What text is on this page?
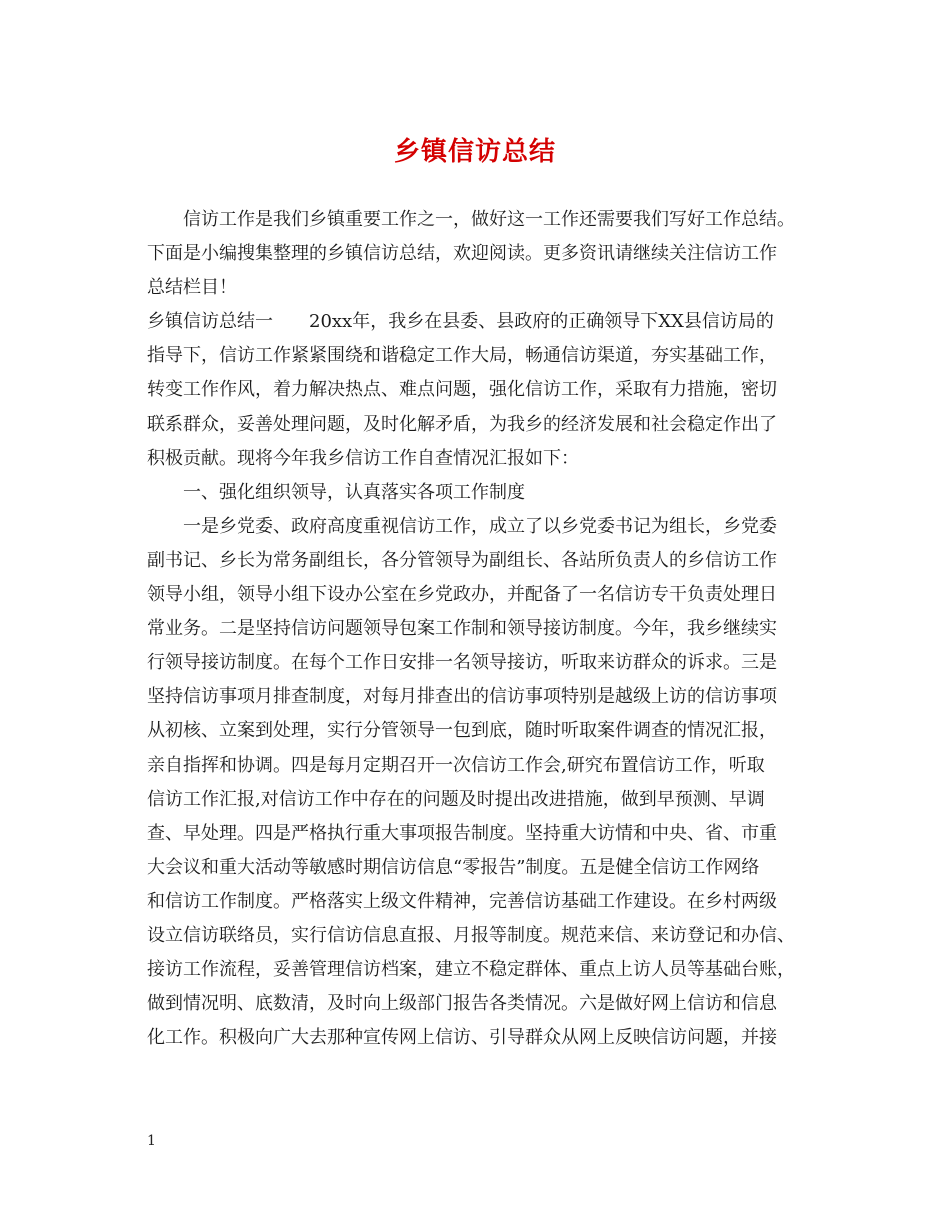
乡镇信访总结
信访工作是我们乡镇重要工作之一，做好这一工作还需要我们写好工作总结。
下面是小编搜集整理的乡镇信访总结，欢迎阅读。更多资讯请继续关注信访工作
总结栏目！
乡镇信访总结一　　20xx年，我乡在县委、县政府的正确领导下XX县信访局的
指导下，信访工作紧紧围绕和谐稳定工作大局，畅通信访渠道，夯实基础工作，
转变工作作风，着力解决热点、难点问题，强化信访工作，采取有力措施，密切
联系群众，妥善处理问题，及时化解矛盾，为我乡的经济发展和社会稳定作出了
积极贡献。现将今年我乡信访工作自查情况汇报如下：
一、强化组织领导，认真落实各项工作制度
一是乡党委、政府高度重视信访工作，成立了以乡党委书记为组长，乡党委
副书记、乡长为常务副组长，各分管领导为副组长、各站所负责人的乡信访工作
领导小组，领导小组下设办公室在乡党政办，并配备了一名信访专干负责处理日
常业务。二是坚持信访问题领导包案工作制和领导接访制度。今年，我乡继续实
行领导接访制度。在每个工作日安排一名领导接访，听取来访群众的诉求。三是
坚持信访事项月排查制度，对每月排查出的信访事项特别是越级上访的信访事项
从初核、立案到处理，实行分管领导一包到底，随时听取案件调查的情况汇报，
亲自指挥和协调。四是每月定期召开一次信访工作会,研究布置信访工作，听取
信访工作汇报,对信访工作中存在的问题及时提出改进措施，做到早预测、早调
查、早处理。四是严格执行重大事项报告制度。坚持重大访情和中央、省、市重
大会议和重大活动等敏感时期信访信息“零报告”制度。五是健全信访工作网络
和信访工作制度。严格落实上级文件精神，完善信访基础工作建设。在乡村两级
设立信访联络员，实行信访信息直报、月报等制度。规范来信、来访登记和办信、
接访工作流程，妥善管理信访档案，建立不稳定群体、重点上访人员等基础台账，
做到情况明、底数清，及时向上级部门报告各类情况。六是做好网上信访和信息
化工作。积极向广大去那种宣传网上信访、引导群众从网上反映信访问题，并接
1
